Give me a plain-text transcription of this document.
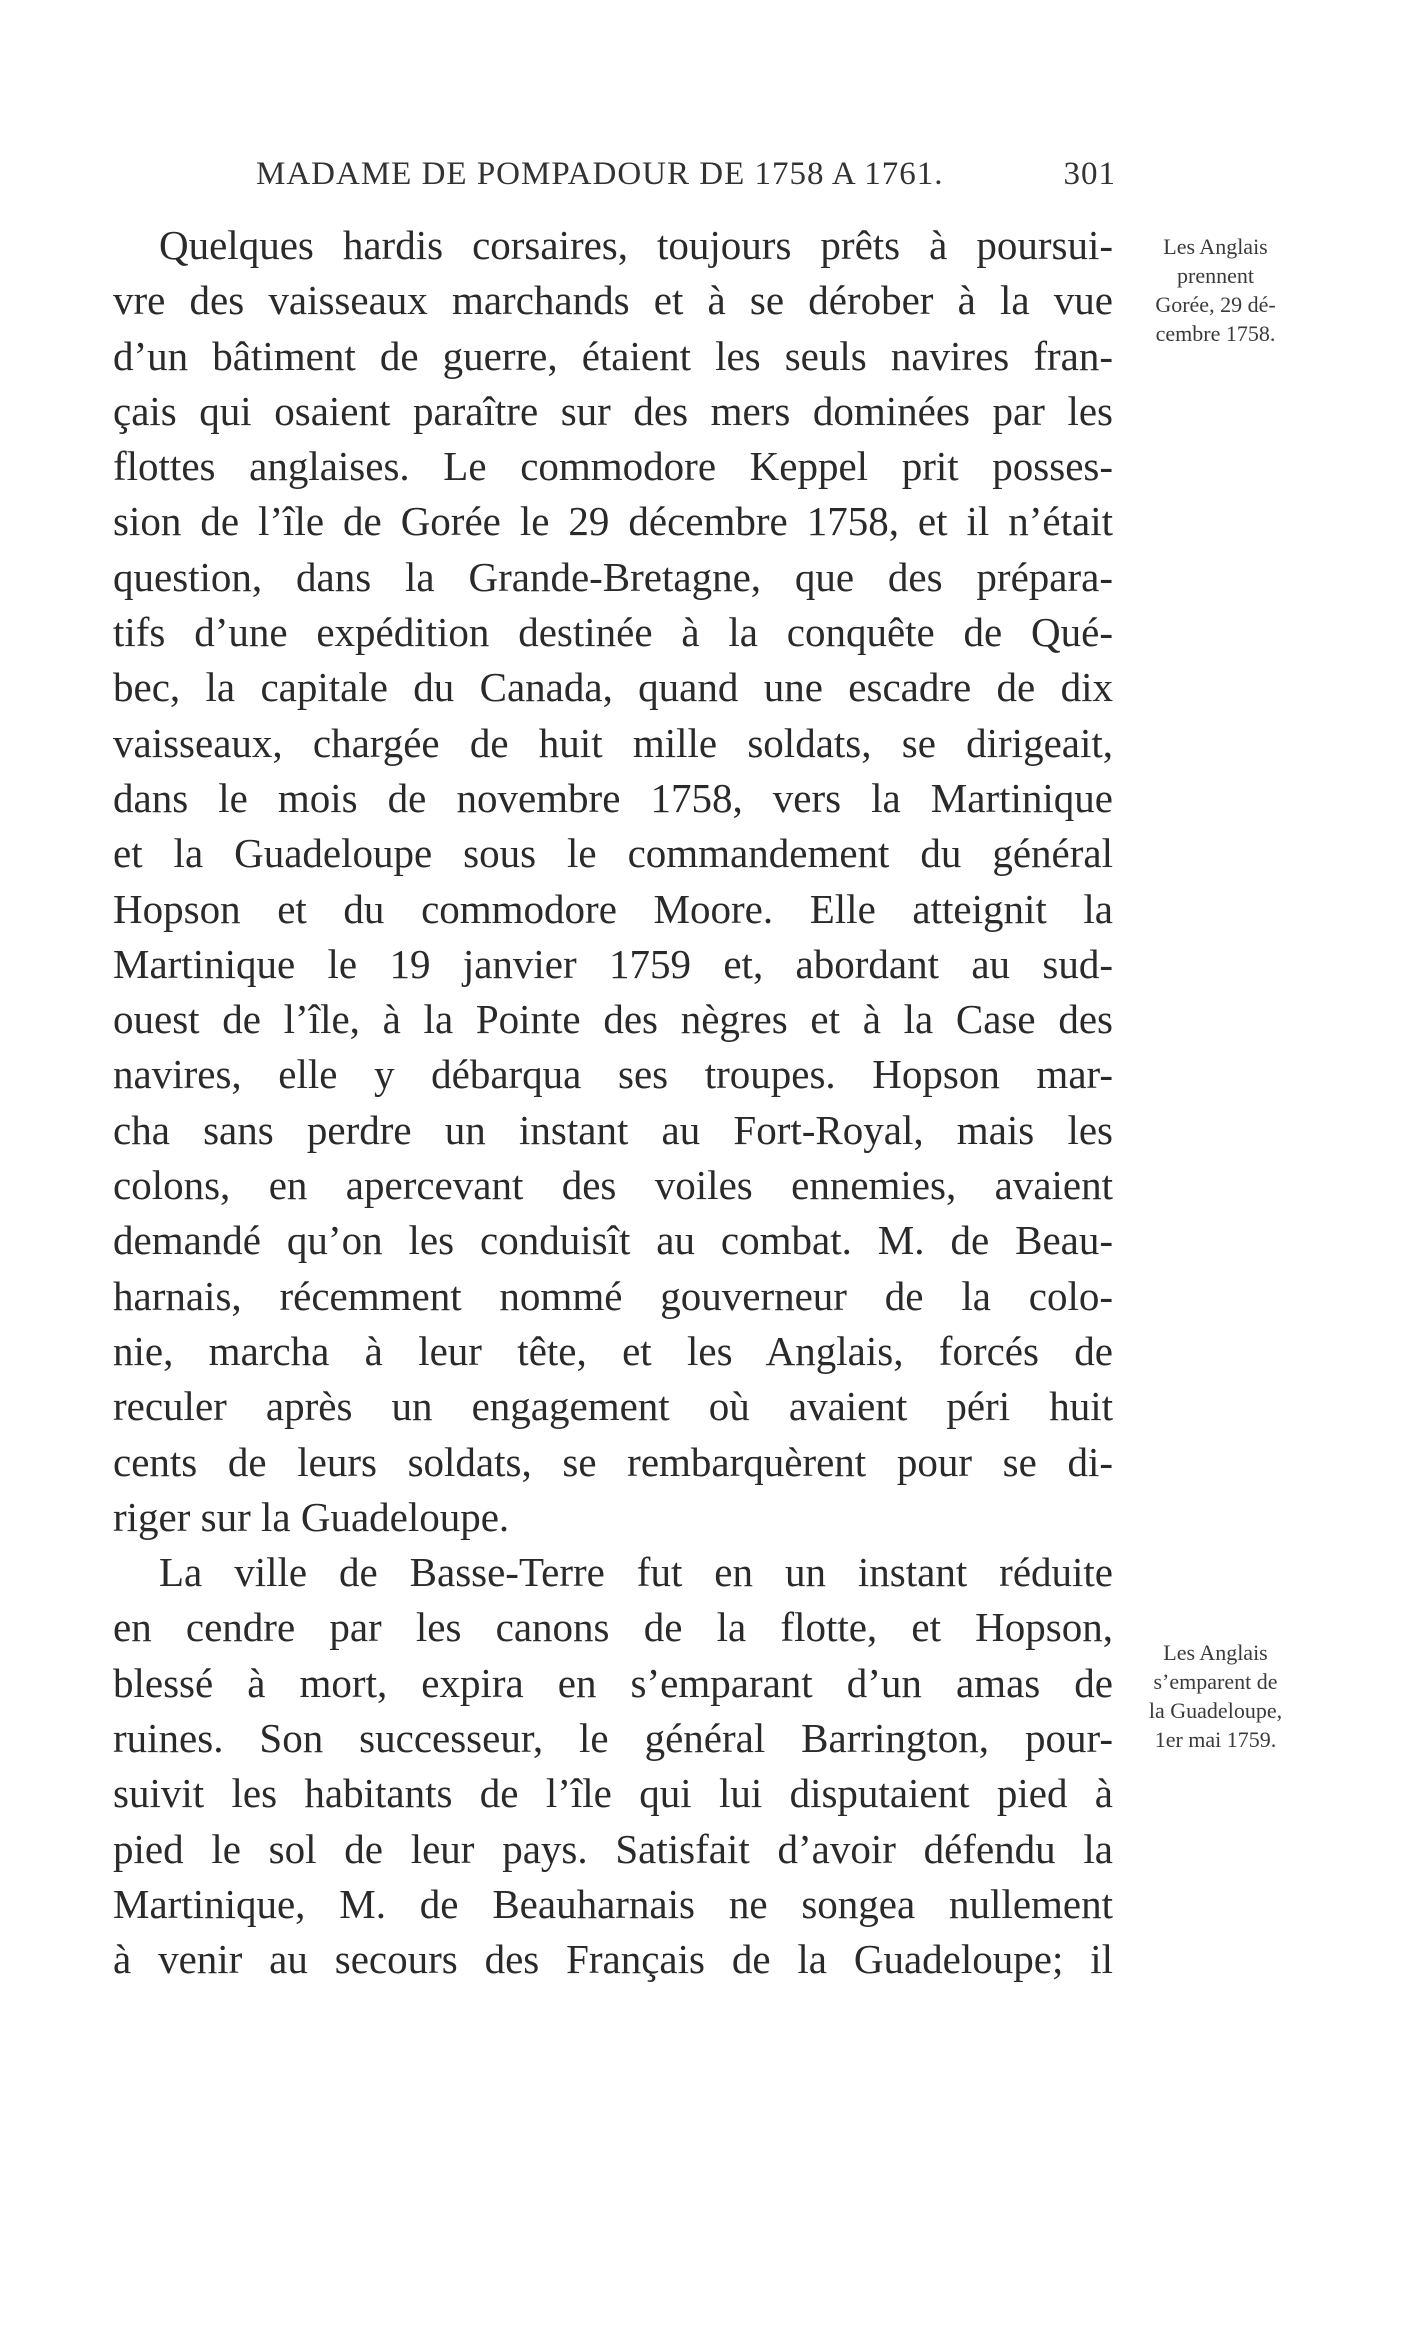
MADAME DE POMPADOUR DE 1758 A 1761.	301
Quelques hardis corsaires, toujours prêts à poursui-
vre des vaisseaux marchands et à se dérober à la vue
d’un bâtiment de guerre, étaient les seuls navires fran-
çais qui osaient paraître sur des mers dominées par les
flottes anglaises. Le commodore Keppel prit posses-
sion de l’île de Gorée le 29 décembre 1758, et il n’était
question, dans la Grande-Bretagne, que des prépara-
tifs d’une expédition destinée à la conquête de Qué-
bec, la capitale du Canada, quand une escadre de dix
vaisseaux, chargée de huit mille soldats, se dirigeait,
dans le mois de novembre 1758, vers la Martinique
et la Guadeloupe sous le commandement du général
Hopson et du commodore Moore. Elle atteignit la
Martinique le 19 janvier 1759 et, abordant au sud-
ouest de l’île, à la Pointe des nègres et à la Case des
navires, elle y débarqua ses troupes. Hopson mar-
cha sans perdre un instant au Fort-Royal, mais les
colons, en apercevant des voiles ennemies, avaient
demandé qu’on les conduisît au combat. M. de Beau-
harnais, récemment nommé gouverneur de la colo-
nie, marcha à leur tête, et les Anglais, forcés de
reculer après un engagement où avaient péri huit
cents de leurs soldats, se rembarquèrent pour se di-
riger sur la Guadeloupe.
La ville de Basse-Terre fut en un instant réduite
en cendre par les canons de la flotte, et Hopson,
blessé à mort, expira en s’emparant d’un amas de
ruines. Son successeur, le général Barrington, pour-
suivit les habitants de l’île qui lui disputaient pied à
pied le sol de leur pays. Satisfait d’avoir défendu la
Martinique, M. de Beauharnais ne songea nullement
à venir au secours des Français de la Guadeloupe; il
Les Anglais
prennent
Gorée, 29 dé-
cembre 1758.
Les Anglais
s’emparent de
la Guadeloupe,
1er mai 1759.
